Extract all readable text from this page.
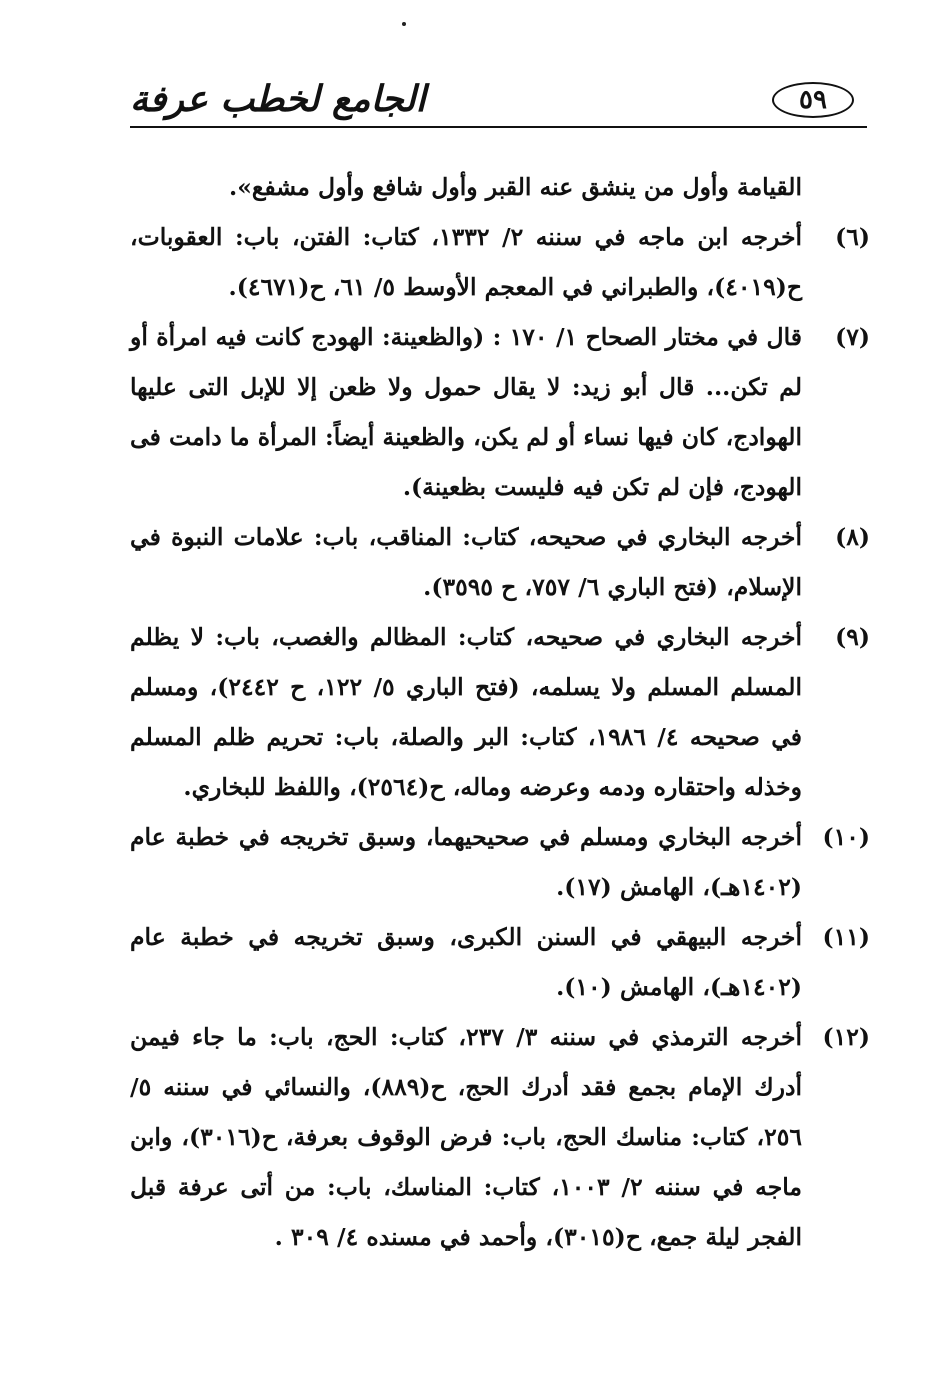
الجامع لخطب عرفة	٥٩
القيامة وأول من ينشق عنه القبر وأول شافع وأول مشفع».
(٦)
أخرجه ابن ماجه في سننه ٢/ ١٣٣٢، كتاب: الفتن، باب: العقوبات، ح(٤٠١٩)، والطبراني في المعجم الأوسط ٥/ ٦١، ح(٤٦٧١).
(٧)
قال في مختار الصحاح ١/ ١٧٠ : (والظعينة: الهودج كانت فيه امرأة أو لم تكن... قال أبو زيد: لا يقال حمول ولا ظعن إلا للإبل التى عليها الهوادج، كان فيها نساء أو لم يكن، والظعينة أيضاً: المرأة ما دامت فى الهودج، فإن لم تكن فيه فليست بظعينة).
(٨)
أخرجه البخاري في صحيحه، كتاب: المناقب، باب: علامات النبوة في الإسلام، (فتح الباري ٦/ ٧٥٧، ح ٣٥٩٥).
(٩)
أخرجه البخاري في صحيحه، كتاب: المظالم والغصب، باب: لا يظلم المسلم المسلم ولا يسلمه، (فتح الباري ٥/ ١٢٢، ح ٢٤٤٢)، ومسلم في صحيحه ٤/ ١٩٨٦، كتاب: البر والصلة، باب: تحريم ظلم المسلم وخذله واحتقاره ودمه وعرضه وماله، ح(٢٥٦٤)، واللفظ للبخاري.
(١٠)
أخرجه البخاري ومسلم في صحيحيهما، وسبق تخريجه في خطبة عام (١٤٠٢هـ)، الهامش (١٧).
(١١)
أخرجه البيهقي في السنن الكبرى، وسبق تخريجه في خطبة عام (١٤٠٢هـ)، الهامش (١٠).
(١٢)
أخرجه الترمذي في سننه ٣/ ٢٣٧، كتاب: الحج، باب: ما جاء فيمن أدرك الإمام بجمع فقد أدرك الحج، ح(٨٨٩)، والنسائي في سننه ٥/ ٢٥٦، كتاب: مناسك الحج، باب: فرض الوقوف بعرفة، ح(٣٠١٦)، وابن ماجه في سننه ٢/ ١٠٠٣، كتاب: المناسك، باب: من أتى عرفة قبل الفجر ليلة جمع، ح(٣٠١٥)، وأحمد في مسنده ٤/ ٣٠٩ .
